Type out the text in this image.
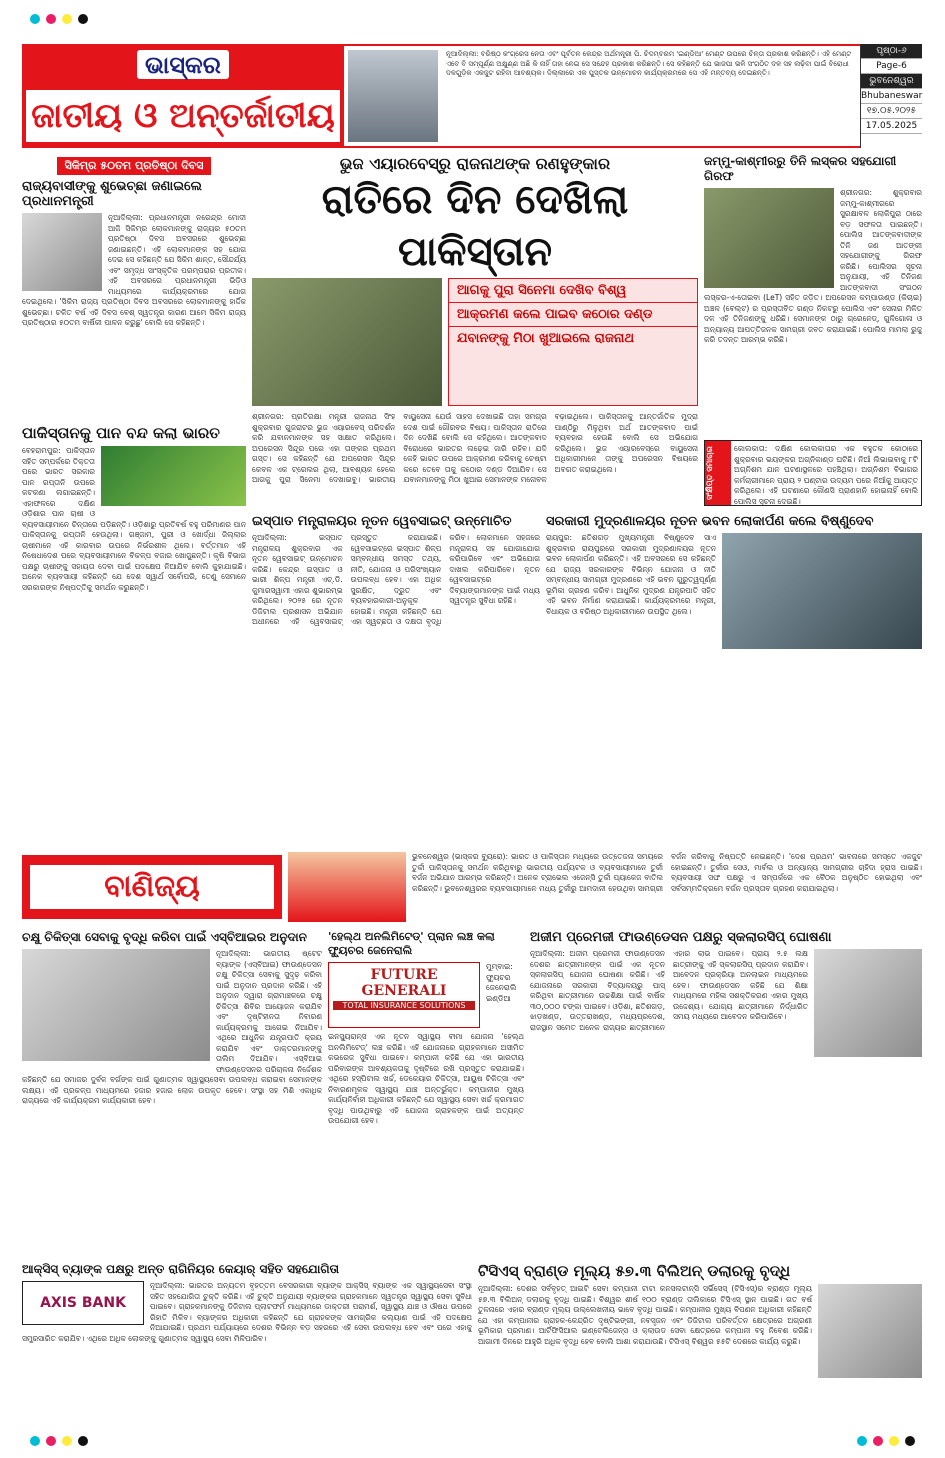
ଭାସ୍କର
ଜାତୀୟ ଓ ଅନ୍ତର୍ଜାତୀୟ
ନୂଆଦିଲ୍ଲୀ: ବରିଷ୍ଠ କଂଗ୍ରେସ ନେତା ଏବଂ ପୂର୍ବତନ କେନ୍ଦ୍ର ଅର୍ଥମନ୍ତ୍ରୀ ପି. ଚିଦମ୍ବରମ 'ଇଣ୍ଡିଆ' ମେଣ୍ଟ ଉପରେ ଚିନ୍ତା ପ୍ରକାଶ କରିଛନ୍ତି। ଏହି ମେଣ୍ଟ ଏବେ ବି ସମ୍ପୂର୍ଣ୍ଣ ଅକ୍ଷୁଣ୍ଣ ଅଛି କି ନାହିଁ ତାହା ନେଇ ସେ ସନ୍ଦେହ ପ୍ରକାଶ କରିଛନ୍ତି। ସେ କହିଛନ୍ତି ଯେ ଭାଜପା ଭଳି ସଂଗଠିତ ଦଳ ସହ ଲଢ଼ିବା ପାଇଁ ବିରୋଧୀ ଦଳଗୁଡ଼ିକ ଏକଜୁଟ ରହିବା ଆବଶ୍ୟକ। ଦିଲ୍ଲୀରେ ଏକ ପୁସ୍ତକ ଉନ୍ମୋଚନ କାର୍ଯ୍ୟକ୍ରମରେ ସେ ଏହି ମନ୍ତବ୍ୟ ଦେଇଛନ୍ତି।
ପୃଷ୍ଠା-୬
Page-6
ଭୁବନେଶ୍ୱର
Bhubaneswar
୧୭.୦୫.୨୦୨୫
17.05.2025
ସିକିମ୍‌ର ୫୦ତମ ପ୍ରତିଷ୍ଠା ଦିବସ
ରାଜ୍ୟବାସୀଙ୍କୁ ଶୁଭେଚ୍ଛା ଜଣାଇଲେ ପ୍ରଧାନମନ୍ତ୍ରୀ
ନୂଆଦିଲ୍ଲୀ: ପ୍ରଧାନମନ୍ତ୍ରୀ ନରେନ୍ଦ୍ର ମୋଦୀ ଆଜି ସିକିମ୍‌ର ଲୋକମାନଙ୍କୁ ରାଜ୍ୟର ୫୦ତମ ପ୍ରତିଷ୍ଠା ଦିବସ ଅବସରରେ ଶୁଭେଚ୍ଛା ଜଣାଇଛନ୍ତି। ଏହି ଲୋକମାନଙ୍କ ସହ ଯୋଗ ଦେଇ ସେ କହିଛନ୍ତି ଯେ ସିକିମ ଶାନ୍ତ, ସୌନ୍ଦର୍ଯ୍ୟ ଏବଂ ସମୃଦ୍ଧ ସାଂସ୍କୃତିକ ପରମ୍ପରାର ପ୍ରତୀକ। ଏହି ଅବସରରେ ପ୍ରଧାନମନ୍ତ୍ରୀ ଭିଡ଼ିଓ ମାଧ୍ୟମରେ କାର୍ଯ୍ୟକ୍ରମରେ ଯୋଗ ଦେଇଥିଲେ। 'ସିକିମ ରାଜ୍ୟ ପ୍ରତିଷ୍ଠା ଦିବସ ଅବସରରେ ଲୋକମାନଙ୍କୁ ହାର୍ଦ୍ଦିକ ଶୁଭେଚ୍ଛା। ଚଳିତ ବର୍ଷ ଏହି ଦିବସ ବେଶ୍ ସ୍ୱତନ୍ତ୍ର କାରଣ ଆମେ ସିକିମ ରାଜ୍ୟ ପ୍ରତିଷ୍ଠାର ୫୦ତମ ବାର୍ଷିକୀ ପାଳନ କରୁଛୁ' ବୋଲି ସେ କହିଛନ୍ତି।
ପାକିସ୍ତାନକୁ ପାନ ବନ୍ଦ କଲା ଭାରତ
ବେହରାମପୁର: ପାକିସ୍ତାନ ସହିତ ସମ୍ପର୍କରେ ତିକ୍ତତା ପରେ ଭାରତ ସରକାର ପାନ ରପ୍ତାନି ଉପରେ କଟକଣା ଲଗାଇଛନ୍ତି। ଏହାଫଳରେ ଦକ୍ଷିଣ ଓଡ଼ିଶାର ପାନ ଚାଷୀ ଓ ବ୍ୟବସାୟୀମାନେ ଚିନ୍ତାରେ ପଡ଼ିଛନ୍ତି। ଓଡ଼ିଶାରୁ ପ୍ରତିବର୍ଷ ବହୁ ପରିମାଣର ପାନ ପାକିସ୍ତାନକୁ ରପ୍ତାନି ହେଉଥିଲା। ଗଞ୍ଜାମ, ପୁରୀ ଓ ଖୋର୍ଦ୍ଧା ଜିଲ୍ଲାର ଚାଷୀମାନେ ଏହି କାରବାର ଉପରେ ନିର୍ଭରଶୀଳ ଥିଲେ। ବର୍ତ୍ତମାନ ଏହି ନିଷେଧାଦେଶ ପରେ ବ୍ୟବସାୟୀମାନେ ବିକଳ୍ପ ବଜାର ଖୋଜୁଛନ୍ତି। କୃଷି ବିଭାଗ ପକ୍ଷରୁ ଚାଷୀଙ୍କୁ ସହାୟତା ଦେବା ପାଇଁ ପଦକ୍ଷେପ ନିଆଯିବ ବୋଲି କୁହାଯାଇଛି। ଅନେକ ବ୍ୟବସାୟୀ କହିଛନ୍ତି ଯେ ଦେଶ ସ୍ୱାର୍ଥ ସର୍ବୋପରି, ତେଣୁ ସେମାନେ ସରକାରଙ୍କ ନିଷ୍ପତ୍ତିକୁ ସମର୍ଥନ କରୁଛନ୍ତି।
ଭୁଜ ଏୟାରବେସ୍‌ରୁ ରାଜନାଥଙ୍କ ରଣହୁଙ୍କାର
ରାତିରେ ଦିନ ଦେଖିଲା ପାକିସ୍ତାନ
ଆଗକୁ ପୁରା ସିନେମା ଦେଖିବ ବିଶ୍ୱ
ଆକ୍ରମଣ କଲେ ପାଇବ କଠୋର ଦଣ୍ଡ
ଯବାନଙ୍କୁ ମିଠା ଖୁଆଇଲେ ରାଜନାଥ
ଶ୍ରୀନଗର: ପ୍ରତିରକ୍ଷା ମନ୍ତ୍ରୀ ରାଜନାଥ ସିଂହ ଶୁକ୍ରବାର ଗୁଜରାଟର ଭୁଜ ଏୟାରବେସ୍ ପରିଦର୍ଶନ କରି ଯବାନମାନଙ୍କ ସହ ସାକ୍ଷାତ କରିଥିଲେ। ଅପରେସନ ସିନ୍ଦୂର ପରେ ଏହା ତାଙ୍କର ପ୍ରଥମ ଗସ୍ତ। ସେ କହିଛନ୍ତି ଯେ ଅପରେସନ ସିନ୍ଦୂର କେବଳ ଏକ ଟ୍ରେଲର ଥିଲା, ଆବଶ୍ୟକ ହେଲେ ଆଗକୁ ପୁରା ସିନେମା ଦେଖାଇବୁ। ଭାରତୀୟ ବାୟୁସେନା ଯେଉଁ ସାହସ ଦେଖାଇଛି ତାହା ସମଗ୍ର ଦେଶ ପାଇଁ ଗୌରବର ବିଷୟ। ପାକିସ୍ତାନ ରାତିରେ ଦିନ ଦେଖିଛି ବୋଲି ସେ କହିଥିଲେ। ଆତଙ୍କବାଦ ବିରୋଧରେ ଭାରତର ଲଢ଼େଇ ଜାରି ରହିବ। ଯଦି କେହି ଭାରତ ଉପରେ ଆକ୍ରମଣ କରିବାକୁ ଚେଷ୍ଟା କରେ ତେବେ ତାକୁ କଠୋର ଦଣ୍ଡ ଦିଆଯିବ। ସେ ଯବାନମାନଙ୍କୁ ମିଠା ଖୁଆଇ ସେମାନଙ୍କ ମନୋବଳ ବଢ଼ାଇଥିଲେ। ପାକିସ୍ତାନକୁ ଆନ୍ତର୍ଜାତିକ ମୁଦ୍ରା ପାଣ୍ଠିରୁ ମିଳୁଥିବା ଅର୍ଥ ଆତଙ୍କବାଦ ପାଇଁ ବ୍ୟବହାର ହେଉଛି ବୋଲି ସେ ଅଭିଯୋଗ କରିଥିଲେ। ଭୁଜ ଏୟାରବେସ୍‌ରେ ବାୟୁସେନା ଅଧିକାରୀମାନେ ତାଙ୍କୁ ଅପରେସନ ବିଷୟରେ ଅବଗତ କରାଇଥିଲେ।
ଜମ୍ମୁ-କାଶ୍ମୀରରୁ ତିନି ଲସ୍କର ସହଯୋଗୀ ଗିରଫ
ଶ୍ରୀନଗର: ଶୁକ୍ରବାର ଜମ୍ମୁ-କାଶ୍ମୀରରେ ସୁରକ୍ଷାବଳ ଲୋକିପୁରା ଠାରେ ବଡ଼ ସଫଳତା ପାଇଛନ୍ତି। ପୋଲିସ ଆତଙ୍କବାଦୀଙ୍କ ତିନି ଜଣ ଆତଙ୍କୀ ସହଯୋଗୀଙ୍କୁ ଗିରଫ କରିଛି। ପୋଲିସର ସୂଚନା ଅନୁଯାୟୀ, ଏହି ତିନିଜଣ ଆତଙ୍କବାଦୀ ସଂଗଠନ ଲସ୍କର-ଏ-ତୋଇବା (LeT) ସହିତ ଜଡ଼ିତ। ଅପରେସନ କମ୍ପାଉଣ୍ଡ (କିଚାଇ) ଅଞ୍ଚଳ (ବେଲ୍ଟ) ର ପ୍ରସ୍ତାବିତ ଗଣ୍ଡ ନିକଟରୁ ପୋଲିସ ଏବଂ ସେନାର ମିଳିତ ଦଳ ଏହି ତିନିଜଣଙ୍କୁ ଧରିଛି। ସେମାନଙ୍କ ଠାରୁ ଗ୍ରେନେଡ୍, ଗୁଳିଗୋଳା ଓ ଅନ୍ୟାନ୍ୟ ଆପତ୍ତିଜନକ ସାମଗ୍ରୀ ଜବତ କରାଯାଇଛି। ପୋଲିସ ମାମଲା ରୁଜୁ କରି ତଦନ୍ତ ଆରମ୍ଭ କରିଛି।
ସଂକ୍ଷିପ୍ତ ସମାଚାର	କୋଲକାତା: ଦକ୍ଷିଣ କୋଲକାତାର ଏକ ବହୁତଳ କୋଠାରେ ଶୁକ୍ରବାର ଭୟଙ୍କର ଅଗ୍ନିକାଣ୍ଡ ଘଟିଛି। ନିଆଁ ଲିଭାଇବାକୁ ୮ଟି ଅଗ୍ନିଶମ ଯାନ ଘଟଣାସ୍ଥଳରେ ପହଞ୍ଚିଥିଲା। ଅଗ୍ନିଶମ ବିଭାଗର କର୍ମଚାରୀମାନେ ପ୍ରାୟ ୨ ଘଣ୍ଟାର ଉଦ୍ୟମ ପରେ ନିଆଁକୁ ଆୟତ୍ତ କରିଥିଲେ। ଏହି ଘଟଣାରେ କୌଣସି ପ୍ରାଣହାନି ହୋଇନାହିଁ ବୋଲି ପୋଲିସ ସୂଚନା ଦେଇଛି।
ଇସ୍ପାତ ମନ୍ତ୍ରାଳୟର ନୂତନ ୱେବସାଇଟ୍ ଉନ୍ମୋଚିତ
ନୂଆଦିଲ୍ଲୀ: ଇସ୍ପାତ ମନ୍ତ୍ରାଳୟ ଶୁକ୍ରବାର ଏକ ନୂତନ ୱେବସାଇଟ୍ ଉନ୍ମୋଚନ କରିଛି। କେନ୍ଦ୍ର ଇସ୍ପାତ ଓ ଭାରୀ ଶିଳ୍ପ ମନ୍ତ୍ରୀ ଏଚ୍.ଡି. କୁମାରସ୍ୱାମୀ ଏହାର ଶୁଭାରମ୍ଭ କରିଥିଲେ। ୨୦୨୫ ରେ ନୂତନ ଡିଜିଟାଲ ପ୍ରଶାସନ ଅଭିଯାନ ଅଧୀନରେ ଏହି ୱେବସାଇଟ୍ ପ୍ରସ୍ତୁତ କରାଯାଇଛି। ୱେବସାଇଟ୍‌ରେ ଇସ୍ପାତ ଶିଳ୍ପ ସମ୍ବନ୍ଧୀୟ ସମସ୍ତ ତଥ୍ୟ, ନୀତି, ଯୋଜନା ଓ ପରିସଂଖ୍ୟାନ ଉପଲବ୍ଧ ହେବ। ଏହା ଅଧିକ ସୁରକ୍ଷିତ, ଦ୍ରୁତ ଏବଂ ବ୍ୟବହାରକାରୀ-ଅନୁକୂଳ ହୋଇଛି। ମନ୍ତ୍ରୀ କହିଛନ୍ତି ଯେ ଏହା ସ୍ୱଚ୍ଛତା ଓ ଦକ୍ଷତା ବୃଦ୍ଧି କରିବ। ଲୋକମାନେ ସହଜରେ ମନ୍ତ୍ରାଳୟ ସହ ଯୋଗାଯୋଗ କରିପାରିବେ ଏବଂ ଅଭିଯୋଗ ଦାଖଲ କରିପାରିବେ। ନୂତନ ୱେବସାଇଟ୍‌ରେ ଦିବ୍ୟାଙ୍ଗମାନଙ୍କ ପାଇଁ ମଧ୍ୟ ସ୍ୱତନ୍ତ୍ର ସୁବିଧା ରହିଛି।
ସରକାରୀ ମୁଦ୍ରଣାଳୟର ନୂତନ ଭବନ ଲୋକାର୍ପଣ କଲେ ବିଷ୍ଣୁଦେବ
ରାୟପୁର: ଛତିଶଗଡ଼ ମୁଖ୍ୟମନ୍ତ୍ରୀ ବିଷ୍ଣୁଦେବ ସାଏ ଶୁକ୍ରବାର ରାୟପୁରରେ ସରକାରୀ ମୁଦ୍ରଣାଳୟର ନୂତନ ଭବନ ଲୋକାର୍ପଣ କରିଛନ୍ତି। ଏହି ଅବସରରେ ସେ କହିଛନ୍ତି ଯେ ରାଜ୍ୟ ସରକାରଙ୍କ ବିଭିନ୍ନ ଯୋଜନା ଓ ନୀତି ସମ୍ବନ୍ଧୀୟ ସାମଗ୍ରୀ ମୁଦ୍ରଣରେ ଏହି ଭବନ ଗୁରୁତ୍ୱପୂର୍ଣ୍ଣ ଭୂମିକା ଗ୍ରହଣ କରିବ। ଆଧୁନିକ ମୁଦ୍ରଣ ଯନ୍ତ୍ରପାତି ସହିତ ଏହି ଭବନ ନିର୍ମାଣ କରାଯାଇଛି। କାର୍ଯ୍ୟକ୍ରମରେ ମନ୍ତ୍ରୀ, ବିଧାୟକ ଓ ବରିଷ୍ଠ ଅଧିକାରୀମାନେ ଉପସ୍ଥିତ ଥିଲେ।
ବାଣିଜ୍ୟ
ଭୁବନେଶ୍ୱର (ଭାସ୍କର ବ୍ୟୁରୋ): ଭାରତ ଓ ପାକିସ୍ତାନ ମଧ୍ୟରେ ଉତ୍ତେଜନା ସମୟରେ ତୁର୍କୀ ପାକିସ୍ତାନକୁ ସମର୍ଥନ କରିଥିବାରୁ ଭାରତୀୟ ପର୍ଯ୍ୟଟକ ଓ ବ୍ୟବସାୟୀମାନେ ତୁର୍କୀ ବର୍ଜନ ଅଭିଯାନ ଆରମ୍ଭ କରିଛନ୍ତି। ଅନେକ ଟ୍ରାଭେଲ ଏଜେନ୍ସି ତୁର୍କୀ ପ୍ୟାକେଜ ବାତିଲ କରିଛନ୍ତି। ଭୁବନେଶ୍ୱରର ବ୍ୟବସାୟୀମାନେ ମଧ୍ୟ ତୁର୍କୀରୁ ଆମଦାନୀ ହେଉଥିବା ସାମଗ୍ରୀ ବର୍ଜନ କରିବାକୁ ନିଷ୍ପତ୍ତି ନେଇଛନ୍ତି। 'ଦେଶ ପ୍ରଥମ' ଭାବନାରେ ସମସ୍ତେ ଏକଜୁଟ ହୋଇଛନ୍ତି। ତୁର୍କୀର ସେଓ, ମାର୍ବଲ ଓ ଅନ୍ୟାନ୍ୟ ସାମଗ୍ରୀର ଚାହିଦା ହ୍ରାସ ପାଇଛି। ବ୍ୟବସାୟୀ ସଙ୍ଘ ପକ୍ଷରୁ ଏ ସମ୍ପର୍କରେ ଏକ ବୈଠକ ଅନୁଷ୍ଠିତ ହୋଇଥିଲା ଏବଂ ସର୍ବସମ୍ମତିକ୍ରମେ ବର୍ଜନ ପ୍ରସ୍ତାବ ଗ୍ରହଣ କରାଯାଇଥିଲା।
ଚକ୍ଷୁ ଚିକିତ୍ସା ସେବାକୁ ବୃଦ୍ଧି କରିବା ପାଇଁ ଏସ୍‌ବିଆଇର ଅନୁଦାନ
ନୂଆଦିଲ୍ଲୀ: ଭାରତୀୟ ଷ୍ଟେଟ ବ୍ୟାଙ୍କ (ଏସ୍‌ବିଆଇ) ଫାଉଣ୍ଡେସନ ଚକ୍ଷୁ ଚିକିତ୍ସା ସେବାକୁ ସୁଦୃଢ଼ କରିବା ପାଇଁ ଅନୁଦାନ ପ୍ରଦାନ କରିଛି। ଏହି ଅନୁଦାନ ଦ୍ୱାରା ଗ୍ରାମାଞ୍ଚଳରେ ଚକ୍ଷୁ ଚିକିତ୍ସା ଶିବିର ଆୟୋଜନ କରାଯିବ ଏବଂ ଦୃଷ୍ଟିହୀନତା ନିବାରଣ କାର୍ଯ୍ୟକ୍ରମକୁ ଆଗେଇ ନିଆଯିବ। ଏଥିରେ ଆଧୁନିକ ଯନ୍ତ୍ରପାତି କ୍ରୟ କରାଯିବ ଏବଂ ଡାକ୍ତରମାନଙ୍କୁ ତାଲିମ ଦିଆଯିବ। ଏସ୍‌ବିଆଇ ଫାଉଣ୍ଡେସନର ପରିଚାଳନା ନିର୍ଦ୍ଦେଶକ କହିଛନ୍ତି ଯେ ସମାଜର ଦୁର୍ବଳ ବର୍ଗଙ୍କ ପାଇଁ ଗୁଣାତ୍ମକ ସ୍ୱାସ୍ଥ୍ୟସେବା ଉପଲବ୍ଧ କରାଇବା ସେମାନଙ୍କ ଲକ୍ଷ୍ୟ। ଏହି ପ୍ରକଳ୍ପ ମାଧ୍ୟମରେ ହଜାର ହଜାର ଲୋକ ଉପକୃତ ହେବେ। ସଂସ୍ଥା ସହ ମିଶି ଏକାଧିକ ରାଜ୍ୟରେ ଏହି କାର୍ଯ୍ୟକ୍ରମ କାର୍ଯ୍ୟକାରୀ ହେବ।
'ହେଲ୍‌ଥ ଅନଲିମିଟେଡ୍' ପ୍ଲାନ ଲଞ୍ଚ କଲା ଫ୍ୟୁଚର ଜେନେରାଲି
FUTURE
GENERALI
TOTAL INSURANCE SOLUTIONS
ମୁମ୍ବାଇ: ଫ୍ୟୁଚର ଜେନେରାଲି ଇଣ୍ଡିଆ ଇନସ୍ୟୁରାନ୍ସ ଏକ ନୂତନ ସ୍ୱାସ୍ଥ୍ୟ ବୀମା ଯୋଜନା 'ହେଲ୍‌ଥ ଅନଲିମିଟେଡ୍' ଲଞ୍ଚ କରିଛି। ଏହି ଯୋଜନାରେ ଗ୍ରାହକମାନେ ଅସୀମିତ କଭରେଜ ସୁବିଧା ପାଇବେ। କମ୍ପାନୀ କହିଛି ଯେ ଏହା ଭାରତୀୟ ପରିବାରଙ୍କ ଆବଶ୍ୟକତାକୁ ଦୃଷ୍ଟିରେ ରଖି ପ୍ରସ୍ତୁତ କରାଯାଇଛି। ଏଥିରେ ହସ୍ପିଟାଲ ଖର୍ଚ୍ଚ, ଡେକେୟାର ଚିକିତ୍ସା, ଆୟୁଷ ଚିକିତ୍ସା ଏବଂ ନିବାରଣମୂଳକ ସ୍ୱାସ୍ଥ୍ୟ ଯାଞ୍ଚ ଅନ୍ତର୍ଭୁକ୍ତ। କମ୍ପାନୀର ମୁଖ୍ୟ କାର୍ଯ୍ୟନିର୍ବାହୀ ଅଧିକାରୀ କହିଛନ୍ତି ଯେ ସ୍ୱାସ୍ଥ୍ୟ ସେବା ଖର୍ଚ୍ଚ କ୍ରମାଗତ ବୃଦ୍ଧି ପାଉଥିବାରୁ ଏହି ଯୋଜନା ଗ୍ରାହକଙ୍କ ପାଇଁ ଅତ୍ୟନ୍ତ ଉପଯୋଗୀ ହେବ।
ଅଜୀମ ପ୍ରେମଜୀ ଫାଉଣ୍ଡେସନ ପକ୍ଷରୁ ସ୍କଲାରସିପ୍ ଘୋଷଣା
ନୂଆଦିଲ୍ଲୀ: ଅଜୀମ ପ୍ରେମଜୀ ଫାଉଣ୍ଡେସନ ଦେଶର ଛାତ୍ରୀମାନଙ୍କ ପାଇଁ ଏକ ନୂତନ ସ୍କଲାରସିପ୍ ଯୋଜନା ଘୋଷଣା କରିଛି। ଏହି ଯୋଜନାରେ ସରକାରୀ ବିଦ୍ୟାଳୟରୁ ପାସ୍ କରିଥିବା ଛାତ୍ରୀମାନେ ଉଚ୍ଚଶିକ୍ଷା ପାଇଁ ବାର୍ଷିକ ୩୦,୦୦୦ ଟଙ୍କା ପାଇବେ। ଓଡ଼ିଶା, ଛତିଶଗଡ଼, ଝାଡ଼ଖଣ୍ଡ, ଉତ୍ତରାଖଣ୍ଡ, ମଧ୍ୟପ୍ରଦେଶ, ରାଜସ୍ଥାନ ସମେତ ଅନେକ ରାଜ୍ୟର ଛାତ୍ରୀମାନେ ଏହାର ଲାଭ ପାଇବେ। ପ୍ରାୟ ୨.୫ ଲକ୍ଷ ଛାତ୍ରୀଙ୍କୁ ଏହି ସ୍କଲାରସିପ୍ ପ୍ରଦାନ କରାଯିବ। ଆବେଦନ ପ୍ରକ୍ରିୟା ଅନଲାଇନ ମାଧ୍ୟମରେ ହେବ। ଫାଉଣ୍ଡେସନ କହିଛି ଯେ ଶିକ୍ଷା ମାଧ୍ୟମରେ ମହିଳା ସଶକ୍ତିକରଣ ଏହାର ମୁଖ୍ୟ ଉଦ୍ଦେଶ୍ୟ। ଯୋଗ୍ୟ ଛାତ୍ରୀମାନେ ନିର୍ଦ୍ଧାରିତ ସମୟ ମଧ୍ୟରେ ଆବେଦନ କରିପାରିବେ।
ଆକ୍ସିସ୍ ବ୍ୟାଙ୍କ ପକ୍ଷରୁ ଅନ୍ତ ରାଗିନିୟର କେୟାର୍ ସହିତ ସହଯୋଗିତା
AXIS BANK
ନୂଆଦିଲ୍ଲୀ: ଭାରତର ଅନ୍ୟତମ ବୃହତ୍ତମ ବେସରକାରୀ ବ୍ୟାଙ୍କ ଆକ୍ସିସ୍ ବ୍ୟାଙ୍କ ଏକ ସ୍ୱାସ୍ଥ୍ୟସେବା ସଂସ୍ଥା ସହିତ ସହଯୋଗିତା ଚୁକ୍ତି କରିଛି। ଏହି ଚୁକ୍ତି ଅନୁଯାୟୀ ବ୍ୟାଙ୍କର ଗ୍ରାହକମାନେ ସ୍ୱତନ୍ତ୍ର ସ୍ୱାସ୍ଥ୍ୟ ସେବା ସୁବିଧା ପାଇବେ। ଗ୍ରାହକମାନଙ୍କୁ ଡିଜିଟାଲ ପ୍ଲାଟଫର୍ମ ମାଧ୍ୟମରେ ଡାକ୍ତରୀ ପରାମର୍ଶ, ସ୍ୱାସ୍ଥ୍ୟ ଯାଞ୍ଚ ଓ ଔଷଧ ଉପରେ ରିହାତି ମିଳିବ। ବ୍ୟାଙ୍କର ଅଧିକାରୀ କହିଛନ୍ତି ଯେ ଗ୍ରାହକଙ୍କ ସାମଗ୍ରିକ କଲ୍ୟାଣ ପାଇଁ ଏହି ପଦକ୍ଷେପ ନିଆଯାଇଛି। ପ୍ରଥମ ପର୍ଯ୍ୟାୟରେ ଦେଶର ବିଭିନ୍ନ ବଡ଼ ସହରରେ ଏହି ସେବା ଉପଲବ୍ଧ ହେବ ଏବଂ ପରେ ଏହାକୁ ସମ୍ପ୍ରସାରିତ କରାଯିବ। ଏଥିରେ ଅଧିକ ଲୋକଙ୍କୁ ଗୁଣାତ୍ମକ ସ୍ୱାସ୍ଥ୍ୟ ସେବା ମିଳିପାରିବ।
ଟିସିଏସ୍ ବ୍ରାଣ୍ଡ ମୂଲ୍ୟ ୫୭.୩ ବିଲିଅନ୍ ଡଲାରକୁ ବୃଦ୍ଧି
ନୂଆଦିଲ୍ଲୀ: ଦେଶର ସର୍ବବୃହତ୍ ଆଇଟି ସେବା କମ୍ପାନୀ ଟାଟା କନସଲଟାନ୍ସି ସର୍ଭିସେସ୍ (ଟିସିଏସ୍)ର ବ୍ରାଣ୍ଡ ମୂଲ୍ୟ ୫୭.୩ ବିଲିଅନ୍ ଡଲାରକୁ ବୃଦ୍ଧି ପାଇଛି। ବିଶ୍ୱର ଶୀର୍ଷ ୧୦୦ ବ୍ରାଣ୍ଡ ତାଲିକାରେ ଟିସିଏସ୍ ସ୍ଥାନ ପାଇଛି। ଗତ ବର୍ଷ ତୁଳନାରେ ଏହାର ବ୍ରାଣ୍ଡ ମୂଲ୍ୟ ଉଲ୍ଲେଖନୀୟ ଭାବେ ବୃଦ୍ଧି ପାଇଛି। କମ୍ପାନୀର ମୁଖ୍ୟ ବିପଣନ ଅଧିକାରୀ କହିଛନ୍ତି ଯେ ଏହା କମ୍ପାନୀର ଗ୍ରାହକ-କେନ୍ଦ୍ରିତ ଦୃଷ୍ଟିଭଙ୍ଗୀ, ନବସୃଜନ ଏବଂ ଡିଜିଟାଲ ପରିବର୍ତ୍ତନ କ୍ଷେତ୍ରରେ ଅଗ୍ରଣୀ ଭୂମିକାର ପ୍ରମାଣ। ଆର୍ଟିଫିସିଆଲ ଇଣ୍ଟେଲିଜେନ୍ସ ଓ କ୍ଲାଉଡ ସେବା କ୍ଷେତ୍ରରେ କମ୍ପାନୀ ବହୁ ନିବେଶ କରିଛି। ଆଗାମୀ ଦିନରେ ଆହୁରି ଅଧିକ ବୃଦ୍ଧି ହେବ ବୋଲି ଆଶା କରାଯାଉଛି। ଟିସିଏସ୍ ବିଶ୍ୱର ୫୫ଟି ଦେଶରେ କାର୍ଯ୍ୟ କରୁଛି।
